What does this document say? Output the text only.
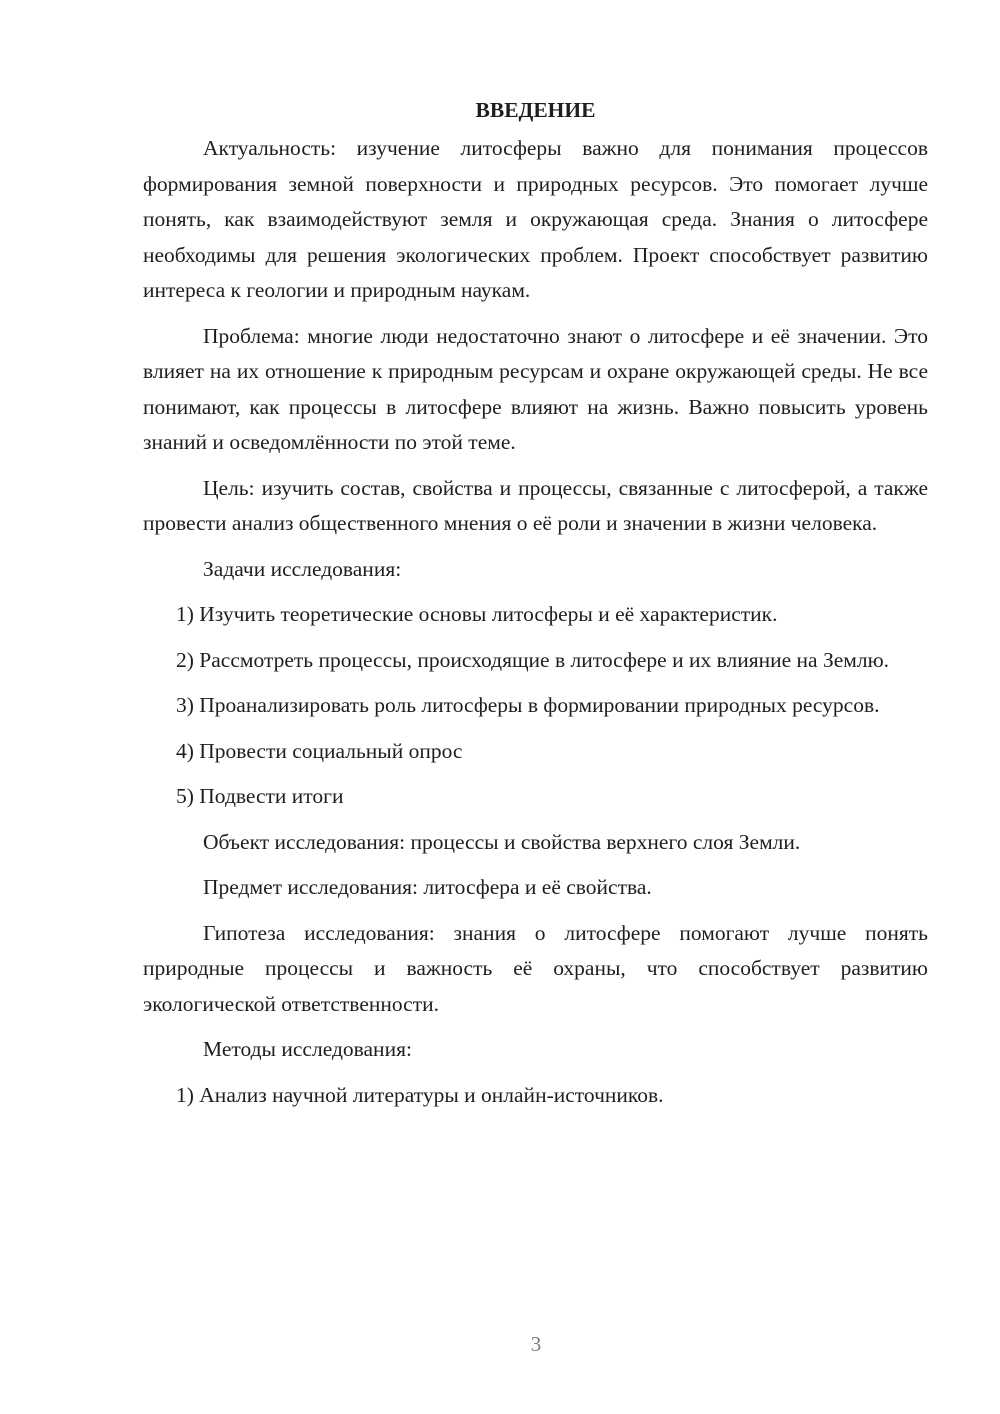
ВВЕДЕНИЕ

Актуальность: изучение литосферы важно для понимания процессов формирования земной поверхности и природных ресурсов. Это помогает лучше понять, как взаимодействуют земля и окружающая среда. Знания о литосфере необходимы для решения экологических проблем. Проект способствует развитию интереса к геологии и природным наукам.

Проблема: многие люди недостаточно знают о литосфере и её значении. Это влияет на их отношение к природным ресурсам и охране окружающей среды. Не все понимают, как процессы в литосфере влияют на жизнь. Важно повысить уровень знаний и осведомлённости по этой теме.

Цель: изучить состав, свойства и процессы, связанные с литосферой, а также провести анализ общественного мнения о её роли и значении в жизни человека.

Задачи исследования:

1) Изучить теоретические основы литосферы и её характеристик.

2) Рассмотреть процессы, происходящие в литосфере и их влияние на Землю.

3) Проанализировать роль литосферы в формировании природных ресурсов.

4) Провести социальный опрос

5) Подвести итоги

Объект исследования: процессы и свойства верхнего слоя Земли.

Предмет исследования: литосфера и её свойства.

Гипотеза исследования: знания о литосфере помогают лучше понять природные процессы и важность её охраны, что способствует развитию экологической ответственности.

Методы исследования:

1) Анализ научной литературы и онлайн-источников.

3
